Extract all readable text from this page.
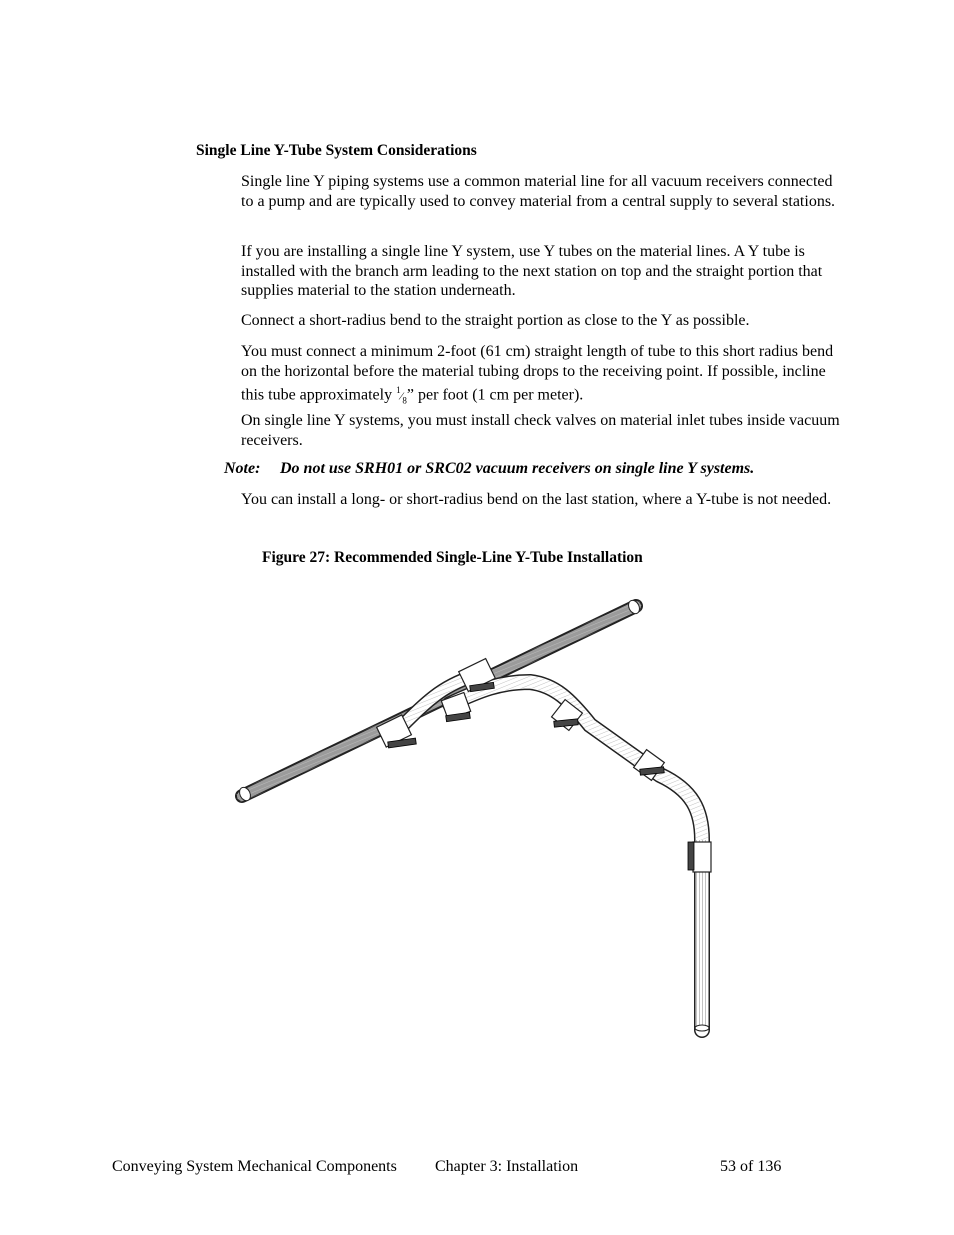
Single Line Y-Tube System Considerations
Single line Y piping systems use a common material line for all vacuum receivers connected to a pump and are typically used to convey material from a central supply to several stations.
If you are installing a single line Y system, use Y tubes on the material lines. A Y tube is installed with the branch arm leading to the next station on top and the straight portion that supplies material to the station underneath.
Connect a short-radius bend to the straight portion as close to the Y as possible.
You must connect a minimum 2-foot (61 cm) straight length of tube to this short radius bend on the horizontal before the material tubing drops to the receiving point. If possible, incline this tube approximately $^1⁄_8$” per foot (1 cm per meter).
On single line Y systems, you must install check valves on material inlet tubes inside vacuum receivers.
Note: Do not use SRH01 or SRC02 vacuum receivers on single line Y systems.
You can install a long- or short-radius bend on the last station, where a Y-tube is not needed.
Figure 27: Recommended Single-Line Y-Tube Installation
Conveying System Mechanical Components Chapter 3: Installation	53 of 136
